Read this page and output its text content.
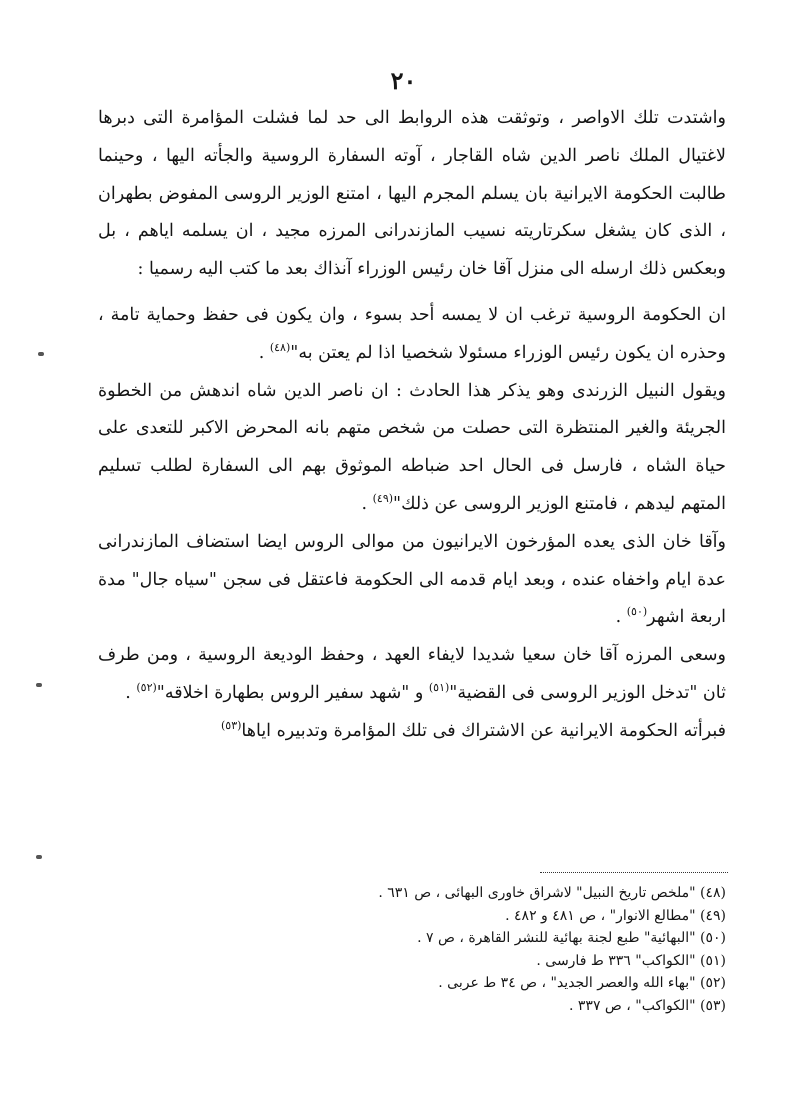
۲۰

واشتدت تلك الاواصر ، وتوثقت هذه الروابط الى حد لما فشلت المؤامرة التى دبرها لاغتيال الملك ناصر الدين شاه القاجار ، آوته السفارة الروسية والجأته اليها ، وحينما طالبت الحكومة الايرانية بان يسلم المجرم اليها ، امتنع الوزير الروسى المفوض بطهران ، الذى كان يشغل سكرتاريته نسيب المازندرانى المرزه مجيد ، ان يسلمه اياهم ، بل وبعكس ذلك ارسله الى منزل آقا خان رئيس الوزراء آنذاك بعد ما كتب اليه رسميا :

ان الحكومة الروسية ترغب ان لا يمسه أحد بسوء ، وان يكون فى حفظ وحماية تامة ، وحذره ان يكون رئيس الوزراء مسئولا شخصيا اذا لم يعتن به"$^{(٤٨)}$ .

ويقول النبيل الزرندى وهو يذكر هذا الحادث : ان ناصر الدين شاه اندهش من الخطوة الجريئة والغير المنتظرة التى حصلت من شخص متهم بانه المحرض الاكبر للتعدى على حياة الشاه ، فارسل فى الحال احد ضباطه الموثوق بهم الى السفارة لطلب تسليم المتهم ليدهم ، فامتنع الوزير الروسى عن ذلك"$^{(٤٩)}$ .

وآقا خان الذى يعده المؤرخون الايرانيون من موالى الروس ايضا استضاف المازندرانى عدة ايام واخفاه عنده ، وبعد ايام قدمه الى الحكومة فاعتقل فى سجن "سياه جال" مدة اربعة اشهر$^{(٥٠)}$ .

وسعى المرزه آقا خان سعيا شديدا لايفاء العهد ، وحفظ الوديعة الروسية ، ومن طرف ثان "تدخل الوزير الروسى فى القضية"$^{(٥١)}$ و "شهد سفير الروس بطهارة اخلاقه"$^{(٥٢)}$ .

فبرأته الحكومة الايرانية عن الاشتراك فى تلك المؤامرة وتدبيره اياها$^{(٥٣)}$

(٤٨) "ملخص تاريخ النبيل" لاشراق خاورى البهائى ، ص ٦٣١ .
(٤٩) "مطالع الانوار" ، ص ٤٨١ و ٤٨٢ .
(٥٠) "البهائية" طبع لجنة بهائية للنشر القاهرة ، ص ٧ .
(٥١) "الكواكب" ٣٣٦ ط فارسى .
(٥٢) "بهاء الله والعصر الجديد" ، ص ٣٤ ط عربى .
(٥٣) "الكواكب" ، ص ٣٣٧ .
